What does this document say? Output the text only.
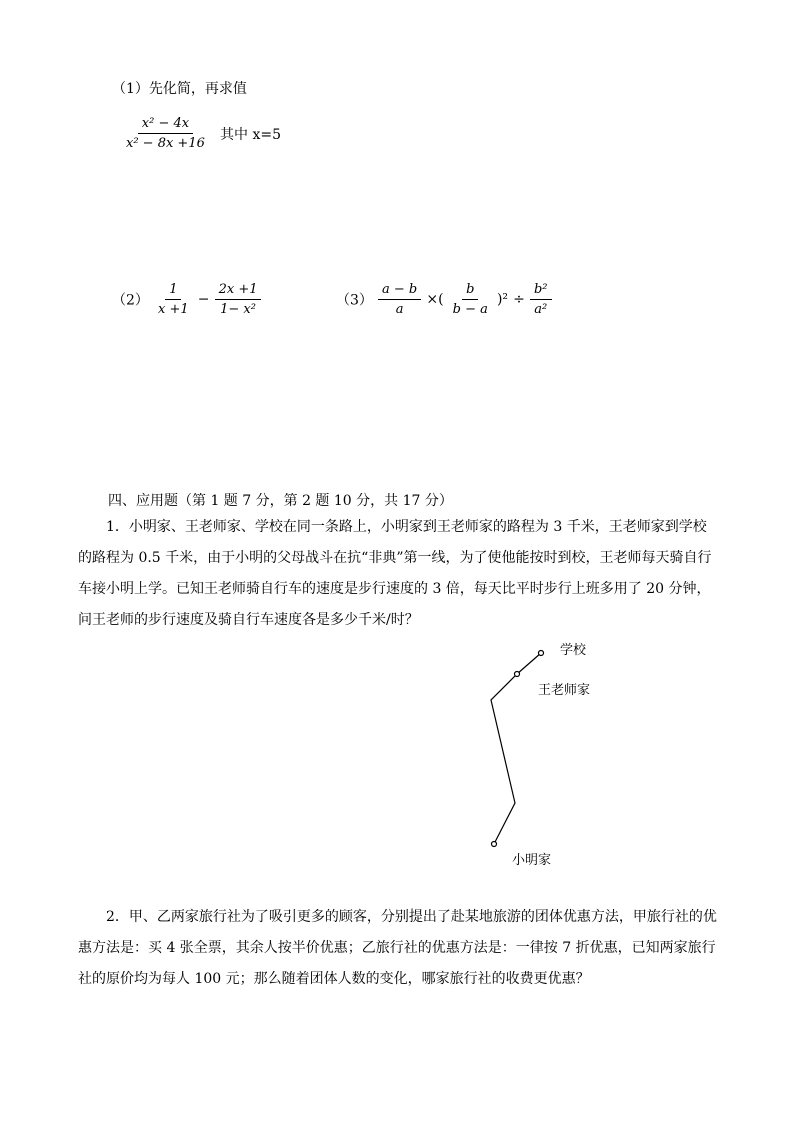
（1）先化简，再求值
$\frac{\text{x² − 4x}}{\text{x² − 8x +16}}$ 其中 x=5
$(2) \frac{1}{x +1} - \frac{2x +1}{\text{1− x²}}$	$(3) \frac{a - b}{a}$ ×( $\frac{b}{b - a} )^2 \div \frac{\text{b²}}{\text{a²}}$
四、应用题（第 1 题 7 分，第 2 题 10 分，共 17 分）
1．小明家、王老师家、学校在同一条路上，小明家到王老师家的路程为 3 千米，王老师家到学校的路程为 0.5 千米，由于小明的父母战斗在抗“非典”第一线，为了使他能按时到校，王老师每天骑自行车接小明上学。已知王老师骑自行车的速度是步行速度的 3 倍，每天比平时步行上班多用了 20 分钟，问王老师的步行速度及骑自行车速度各是多少千米/时？
学校
王老师家
小明家
2．甲、乙两家旅行社为了吸引更多的顾客，分别提出了赴某地旅游的团体优惠方法，甲旅行社的优惠方法是：买 4 张全票，其余人按半价优惠；乙旅行社的优惠方法是：一律按 7 折优惠，已知两家旅行社的原价均为每人 100 元；那么随着团体人数的变化，哪家旅行社的收费更优惠？
